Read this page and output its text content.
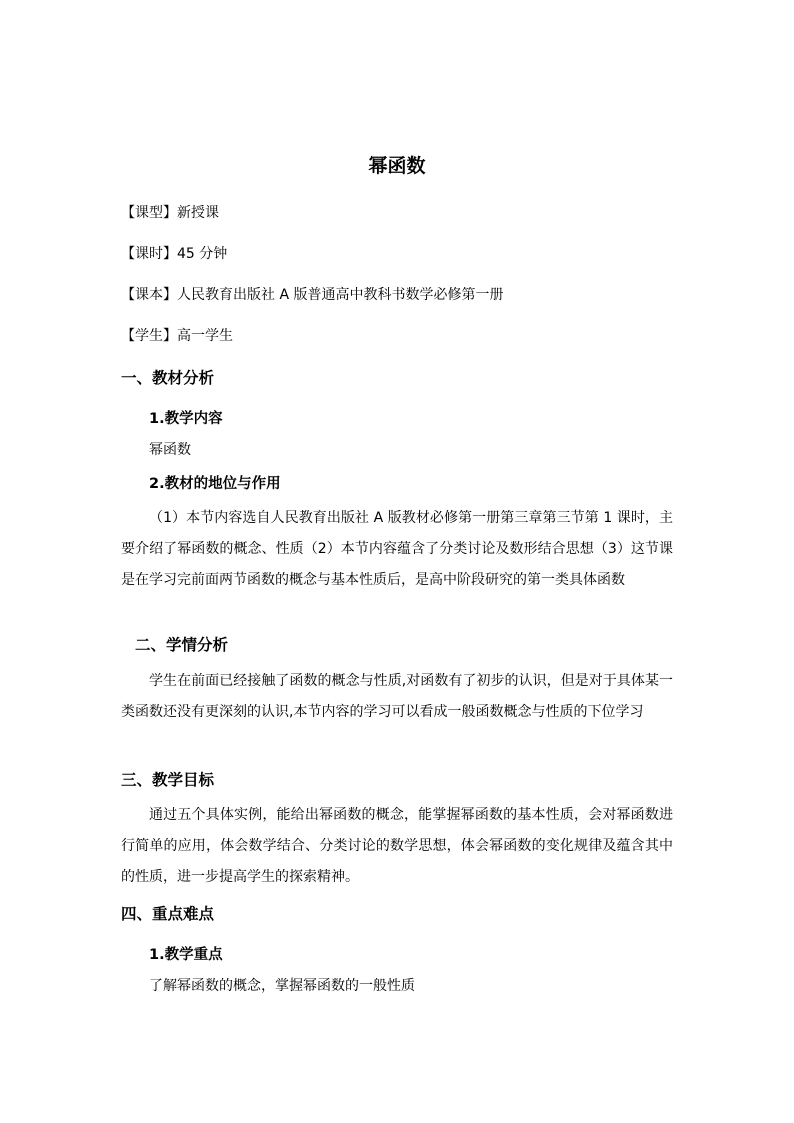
幂函数
【课型】新授课
【课时】45 分钟
【课本】人民教育出版社 A 版普通高中教科书数学必修第一册
【学生】高一学生
一、教材分析
1.教学内容
幂函数
2.教材的地位与作用
（1）本节内容选自人民教育出版社 A 版教材必修第一册第三章第三节第 1 课时，主要介绍了幂函数的概念、性质（2）本节内容蕴含了分类讨论及数形结合思想（3）这节课是在学习完前面两节函数的概念与基本性质后，是高中阶段研究的第一类具体函数
二、学情分析
学生在前面已经接触了函数的概念与性质,对函数有了初步的认识，但是对于具体某一类函数还没有更深刻的认识,本节内容的学习可以看成一般函数概念与性质的下位学习
三、教学目标
通过五个具体实例，能给出幂函数的概念，能掌握幂函数的基本性质，会对幂函数进行简单的应用，体会数学结合、分类讨论的数学思想，体会幂函数的变化规律及蕴含其中的性质，进一步提高学生的探索精神。
四、重点难点
1.教学重点
了解幂函数的概念，掌握幂函数的一般性质
